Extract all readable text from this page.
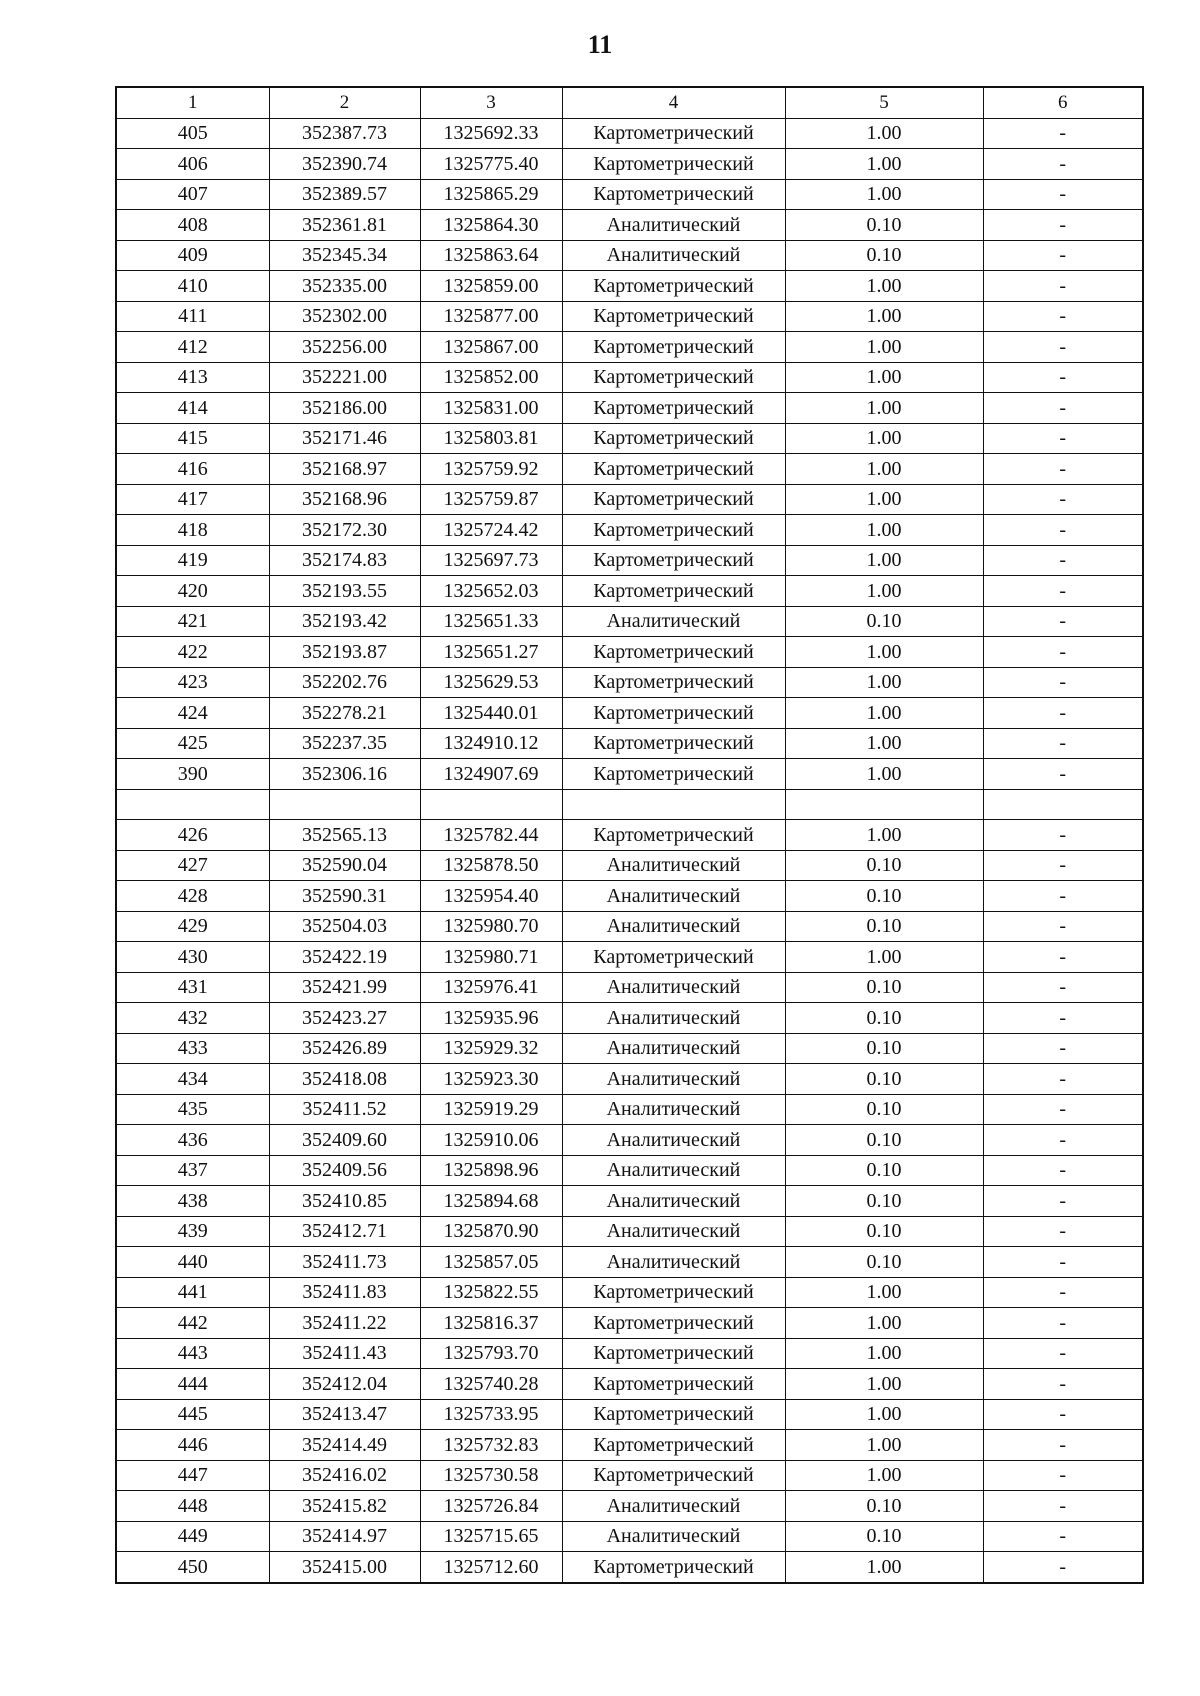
11
1	2	3	4	5	6
405	352387.73	1325692.33	Картометрический	1.00	-
406	352390.74	1325775.40	Картометрический	1.00	-
407	352389.57	1325865.29	Картометрический	1.00	-
408	352361.81	1325864.30	Аналитический	0.10	-
409	352345.34	1325863.64	Аналитический	0.10	-
410	352335.00	1325859.00	Картометрический	1.00	-
411	352302.00	1325877.00	Картометрический	1.00	-
412	352256.00	1325867.00	Картометрический	1.00	-
413	352221.00	1325852.00	Картометрический	1.00	-
414	352186.00	1325831.00	Картометрический	1.00	-
415	352171.46	1325803.81	Картометрический	1.00	-
416	352168.97	1325759.92	Картометрический	1.00	-
417	352168.96	1325759.87	Картометрический	1.00	-
418	352172.30	1325724.42	Картометрический	1.00	-
419	352174.83	1325697.73	Картометрический	1.00	-
420	352193.55	1325652.03	Картометрический	1.00	-
421	352193.42	1325651.33	Аналитический	0.10	-
422	352193.87	1325651.27	Картометрический	1.00	-
423	352202.76	1325629.53	Картометрический	1.00	-
424	352278.21	1325440.01	Картометрический	1.00	-
425	352237.35	1324910.12	Картометрический	1.00	-
390	352306.16	1324907.69	Картометрический	1.00	-

426	352565.13	1325782.44	Картометрический	1.00	-
427	352590.04	1325878.50	Аналитический	0.10	-
428	352590.31	1325954.40	Аналитический	0.10	-
429	352504.03	1325980.70	Аналитический	0.10	-
430	352422.19	1325980.71	Картометрический	1.00	-
431	352421.99	1325976.41	Аналитический	0.10	-
432	352423.27	1325935.96	Аналитический	0.10	-
433	352426.89	1325929.32	Аналитический	0.10	-
434	352418.08	1325923.30	Аналитический	0.10	-
435	352411.52	1325919.29	Аналитический	0.10	-
436	352409.60	1325910.06	Аналитический	0.10	-
437	352409.56	1325898.96	Аналитический	0.10	-
438	352410.85	1325894.68	Аналитический	0.10	-
439	352412.71	1325870.90	Аналитический	0.10	-
440	352411.73	1325857.05	Аналитический	0.10	-
441	352411.83	1325822.55	Картометрический	1.00	-
442	352411.22	1325816.37	Картометрический	1.00	-
443	352411.43	1325793.70	Картометрический	1.00	-
444	352412.04	1325740.28	Картометрический	1.00	-
445	352413.47	1325733.95	Картометрический	1.00	-
446	352414.49	1325732.83	Картометрический	1.00	-
447	352416.02	1325730.58	Картометрический	1.00	-
448	352415.82	1325726.84	Аналитический	0.10	-
449	352414.97	1325715.65	Аналитический	0.10	-
450	352415.00	1325712.60	Картометрический	1.00	-
